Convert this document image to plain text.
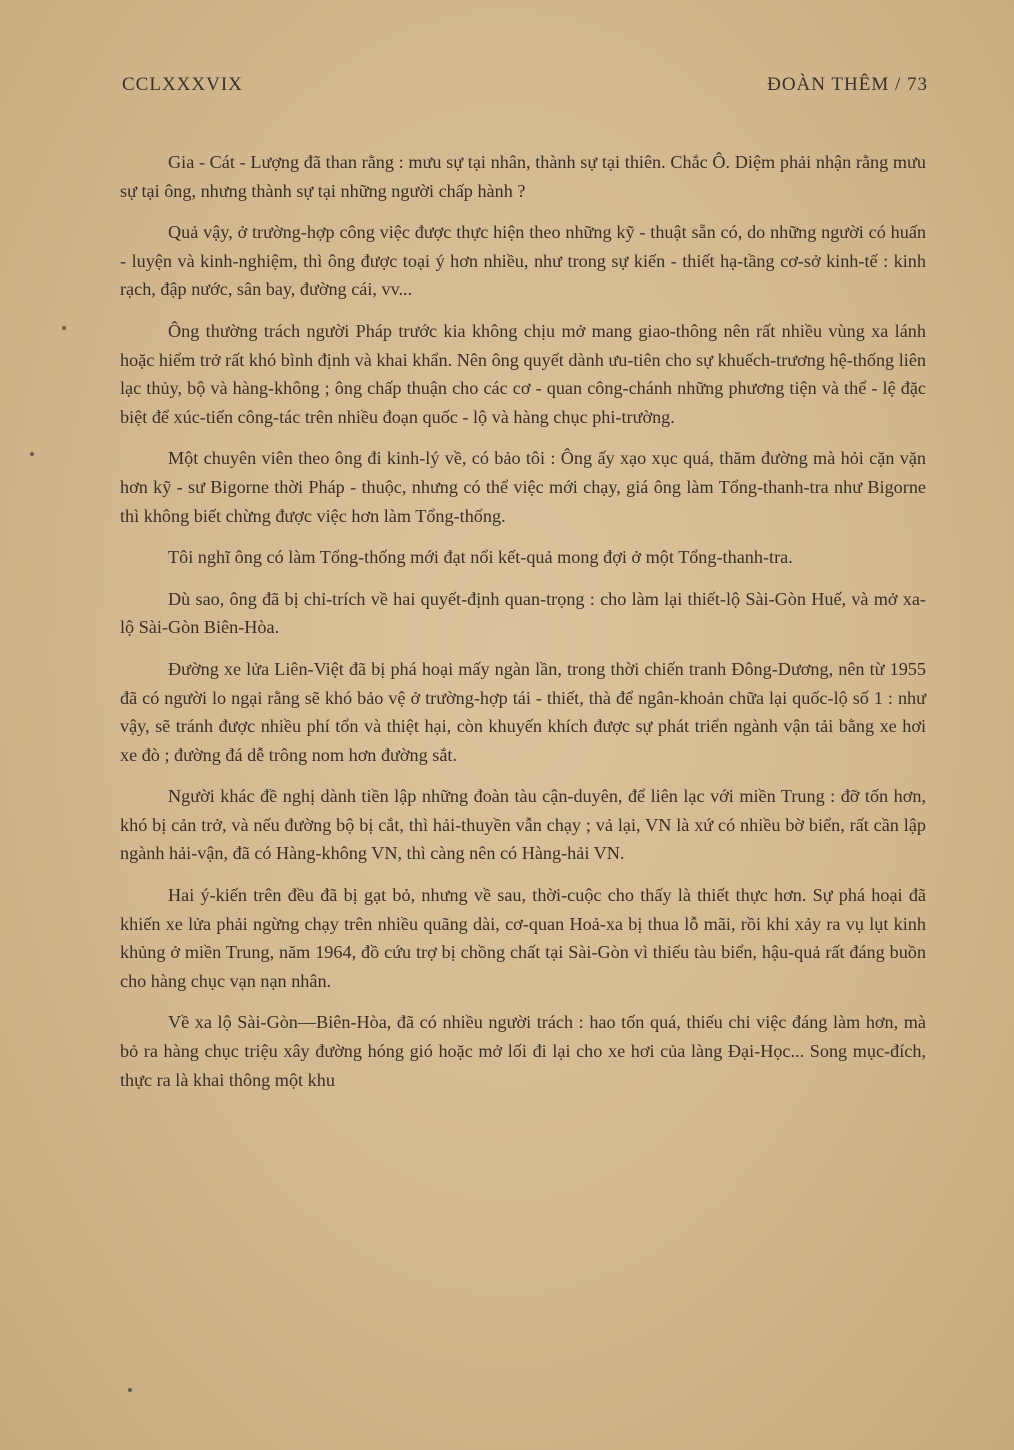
CCLXXXVIX	ĐOÀN THÊM / 73

Gia - Cát - Lượng đã than rằng : mưu sự tại nhân, thành sự tại thiên. Chắc Ô. Diệm phải nhận rằng mưu sự tại ông, nhưng thành sự tại những người chấp hành ?

Quả vậy, ở trường-hợp công việc được thực hiện theo những kỹ - thuật sẵn có, do những người có huấn - luyện và kinh-nghiệm, thì ông được toại ý hơn nhiều, như trong sự kiến - thiết hạ-tầng cơ-sở kinh-tế : kinh rạch, đập nước, sân bay, đường cái, vv...

Ông thường trách người Pháp trước kia không chịu mở mang giao-thông nên rất nhiều vùng xa lánh hoặc hiểm trở rất khó bình định và khai khẩn. Nên ông quyết dành ưu-tiên cho sự khuếch-trương hệ-thống liên lạc thủy, bộ và hàng-không ; ông chấp thuận cho các cơ - quan công-chánh những phương tiện và thể - lệ đặc biệt để xúc-tiến công-tác trên nhiều đoạn quốc - lộ và hàng chục phi-trường.

Một chuyên viên theo ông đi kinh-lý về, có bảo tôi : Ông ấy xạo xục quá, thăm đường mà hỏi cặn vặn hơn kỹ - sư Bigorne thời Pháp - thuộc, nhưng có thể việc mới chạy, giá ông làm Tổng-thanh-tra như Bigorne thì không biết chừng được việc hơn làm Tổng-thống.

Tôi nghĩ ông có làm Tổng-thống mới đạt nổi kết-quả mong đợi ở một Tổng-thanh-tra.

Dù sao, ông đã bị chỉ-trích về hai quyết-định quan-trọng : cho làm lại thiết-lộ Sài-Gòn Huế, và mở xa-lộ Sài-Gòn Biên-Hòa.

Đường xe lửa Liên-Việt đã bị phá hoại mấy ngàn lần, trong thời chiến tranh Đông-Dương, nên từ 1955 đã có người lo ngại rằng sẽ khó bảo vệ ở trường-hợp tái - thiết, thà để ngân-khoản chữa lại quốc-lộ số 1 : như vậy, sẽ tránh được nhiều phí tổn và thiệt hại, còn khuyến khích được sự phát triển ngành vận tải bằng xe hơi xe đò ; đường đá dễ trông nom hơn đường sắt.

Người khác đề nghị dành tiền lập những đoàn tàu cận-duyên, để liên lạc với miền Trung : đỡ tốn hơn, khó bị cản trở, và nếu đường bộ bị cắt, thì hải-thuyền vẫn chạy ; vả lại, VN là xứ có nhiều bờ biển, rất cần lập ngành hải-vận, đã có Hàng-không VN, thì càng nên có Hàng-hải VN.

Hai ý-kiến trên đều đã bị gạt bỏ, nhưng về sau, thời-cuộc cho thấy là thiết thực hơn. Sự phá hoại đã khiến xe lửa phải ngừng chạy trên nhiều quãng dài, cơ-quan Hoả-xa bị thua lỗ mãi, rồi khi xảy ra vụ lụt kinh khủng ở miền Trung, năm 1964, đồ cứu trợ bị chồng chất tại Sài-Gòn vì thiếu tàu biển, hậu-quả rất đáng buồn cho hàng chục vạn nạn nhân.

Về xa lộ Sài-Gòn—Biên-Hòa, đã có nhiều người trách : hao tốn quá, thiếu chi việc đáng làm hơn, mà bỏ ra hàng chục triệu xây đường hóng gió hoặc mở lối đi lại cho xe hơi của làng Đại-Học... Song mục-đích, thực ra là khai thông một khu
